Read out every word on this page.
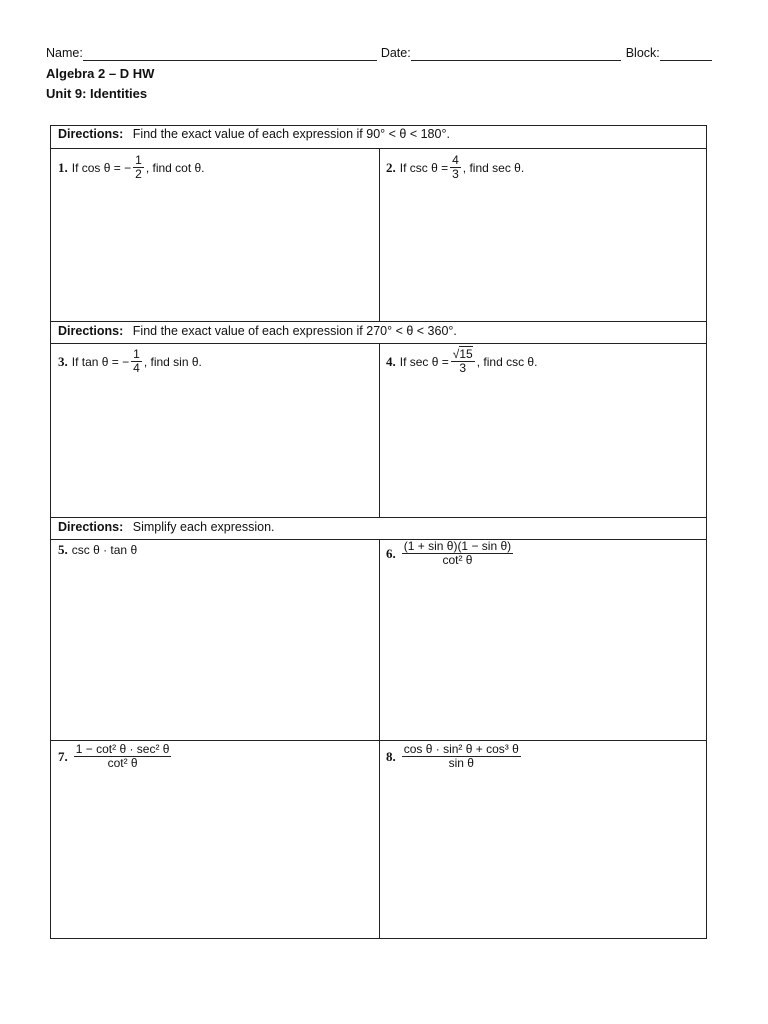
Name:	Date:	Block:
Algebra 2 – D HW
Unit 9: Identities
Directions: Find the exact value of each expression if 90° < θ < 180°.
1. If cos θ = − $\frac{1}{2}$ , find cot θ.	2. If $\csc \theta = \frac{4}{3}$ , find sec θ.
Directions: Find the exact value of each expression if 270° < θ < 360°.
3. If tan θ = − $\frac{1}{4}$ , find sin θ.	4. If $\sec \theta = \frac{√15}{3}$ , find csc θ.
Directions: Simplify each expression.
5. csc θ · tan θ	6. $\frac{\text{(1 + sin θ)(1 − sin θ)}}{\text{cot² θ}}$
7. $\frac{\text{1 − cot² θ · sec² θ}}{\text{cot² θ}}$	8. $\frac{\text{cos θ · sin² θ + cos³ θ}}{\text{sin θ}}$
